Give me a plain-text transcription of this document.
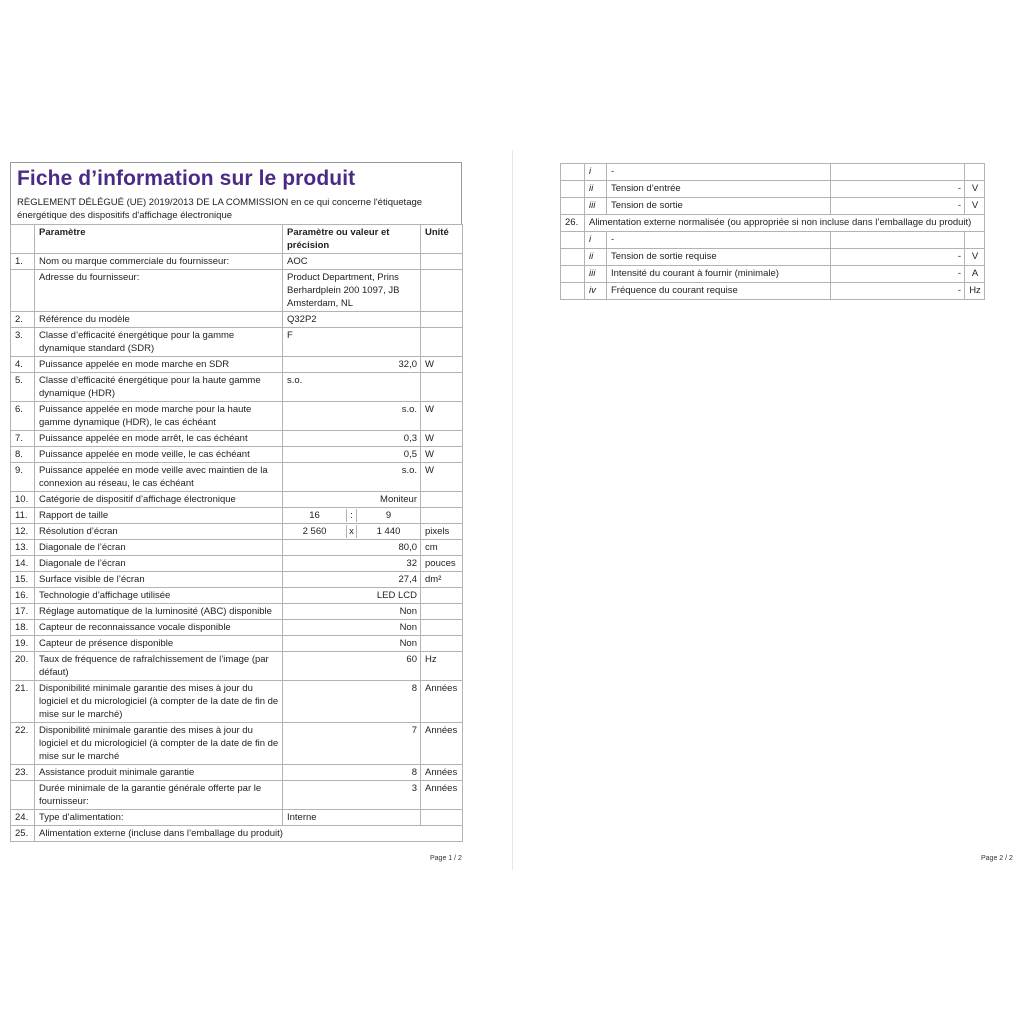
Fiche d’information sur le produit
RÈGLEMENT DÉLÉGUÉ (UE) 2019/2013 DE LA COMMISSION en ce qui concerne l'étiquetage énergétique des dispositifs d'affichage électronique
	Paramètre	Paramètre ou valeur et précision	Unité
1.	Nom ou marque commerciale du fournisseur:	AOC	
	Adresse du fournisseur:	Product Department, Prins Berhardplein 200 1097, JB Amsterdam, NL	
2.	Référence du modèle	Q32P2	
3.	Classe d’efficacité énergétique pour la gamme dynamique standard (SDR)	F	
4.	Puissance appelée en mode marche en SDR	32,0	W
5.	Classe d’efficacité énergétique pour la haute gamme dynamique (HDR)	s.o.	
6.	Puissance appelée en mode marche pour la haute gamme dynamique (HDR), le cas échéant	s.o.	W
7.	Puissance appelée en mode arrêt, le cas échéant	0,3	W
8.	Puissance appelée en mode veille, le cas échéant	0,5	W
9.	Puissance appelée en mode veille avec maintien de la connexion au réseau, le cas échéant	s.o.	W
10.	Catégorie de dispositif d’affichage électronique	Moniteur	
11.	Rapport de taille	16 : 9	

12.	Résolution d’écran	2 560 x 1 440	pixels
13.	Diagonale de l’écran	80,0	cm
14.	Diagonale de l’écran	32	pouces
15.	Surface visible de l’écran	27,4	dm²
16.	Technologie d’affichage utilisée	LED LCD	
17.	Réglage automatique de la luminosité (ABC) disponible	Non	
18.	Capteur de reconnaissance vocale disponible	Non	
19.	Capteur de présence disponible	Non	
20.	Taux de fréquence de rafraîchissement de l’image (par défaut)	60	Hz
21.	Disponibilité minimale garantie des mises à jour du logiciel et du micrologiciel (à compter de la date de fin de mise sur le marché)	8	Années
22.	Disponibilité minimale garantie des mises à jour du logiciel et du micrologiciel (à compter de la date de fin de mise sur le marché	7	Années
23.	Assistance produit minimale garantie	8	Années
	Durée minimale de la garantie générale offerte par le fournisseur:	3	Années
24.	Type d’alimentation:	Interne	
25.	Alimentation externe (incluse dans l’emballage du produit)		
Page 1 / 2
	i	-		
	ii	Tension d’entrée	-	V
	iii	Tension de sortie	-	V
26.	Alimentation externe normalisée (ou appropriée si non incluse dans l’emballage du produit)			
	i	-		
	ii	Tension de sortie requise	-	V
	iii	Intensité du courant à fournir (minimale)	-	A
	iv	Fréquence du courant requise	-	Hz
Page 2 / 2
